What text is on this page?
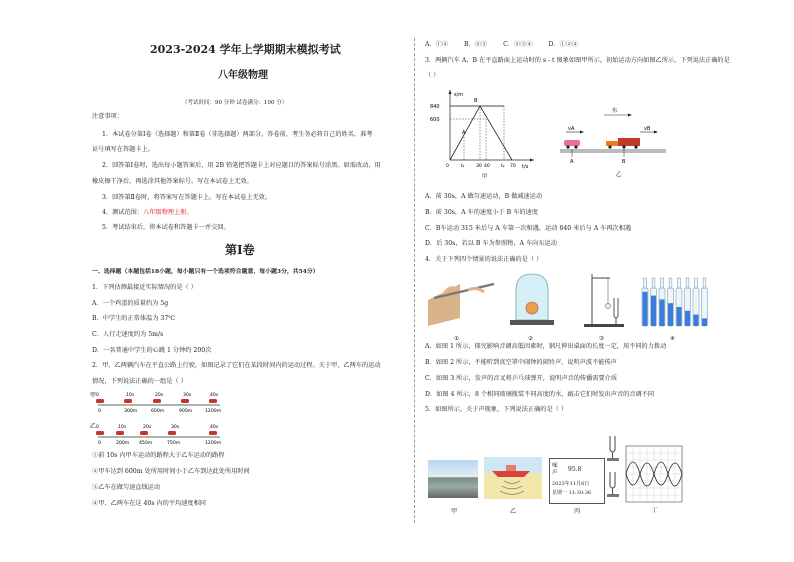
2023-2024 学年上学期期末模拟考试
八年级物理
（考试时间：90 分钟 试卷满分：100 分）
注意事项：
1．本试卷分第Ⅰ卷（选择题）和第Ⅱ卷（非选择题）两部分。答卷前，考生务必将自己的姓名、准考
证号填写在答题卡上。
2．回答第Ⅰ卷时，选出每小题答案后，用 2B 铅笔把答题卡上对应题目的答案标号涂黑。如需改动，用
橡皮擦干净后，再选涂其他答案标号。写在本试卷上无效。
3．回答第Ⅱ卷时，将答案写在答题卡上。写在本试卷上无效。
4．测试范围：八年级物理上册。
5．考试结束后，将本试卷和答题卡一并交回。
第Ⅰ卷
一、选择题（本题包括18小题，每小题只有一个选项符合题意，每小题3分，共54分）
1．下列估测最接近实际情况的是（ ）
A．一个鸡蛋的质量约为 5g
B．中学生的正常体温为 37℃
C．人行走速度约为 5m/s
D．一名普通中学生的心跳 1 分钟约 200次
2．甲、乙两辆汽车在平直公路上行驶，如图记录了它们在某段时间内的运动过程。关于甲、乙两车的运动
情况，下列说法正确的一组是（ ）
甲 0	10s	20s	30s	40s
0	300m	600m	900m	1200m
乙 0	10s	20s	30s	40s
0	200m 450m	750m	1200m
①前 10s 内甲车运动的路程大于乙车运动的路程
②甲车达到 600m 处所用时间小于乙车到达此处所用时间
③乙车在做匀速直线运动
④甲、乙两车在这 40s 内的平均速度相同
A．①④	B．②③	C．②③④	D．①②④
3．两辆汽车 A、B 在平直路面上运动时的 s - t 图象如图甲所示，初始运动方向如图乙所示，下列说法正确的是
（ ）
s/m
t/s
840
600
A
B
0	t₁ 30 40 t₂ 70
甲
东
vA	vB
A	B
乙
A．前 30s，A 做匀速运动，B 做减速运动
B．前 30s，A 车的速度小于 B 车的速度
C．B车运动 315 米后与 A 车第一次相遇，运动 840 米后与 A 车再次相遇
D．后 30s，若以 B 车为参照物，A 车向东运动
4．关于下列四个情景的说法正确的是（ ）
①	②	③	④
A．如图 1 所示，探究影响音调高低因素时，钢尺伸出桌面的长度一定，用不同的力拨动
B．如图 2 所示，不能听到真空罩中闹钟的闹铃声，说明声波不能传声
C．如图 3 所示，发声的音叉将乒乓球弹开，说明声音的传播需要介质
D．如图 4 所示，8 个相同玻璃瓶装不同高度的水，敲击它们时发出声音的音调不同
5．如图所示，关于声现象，下列说法正确的是（ ）
甲	乙
噪
声 95.8
2023年11月6日
星期一 11:30:36
丙	丁
